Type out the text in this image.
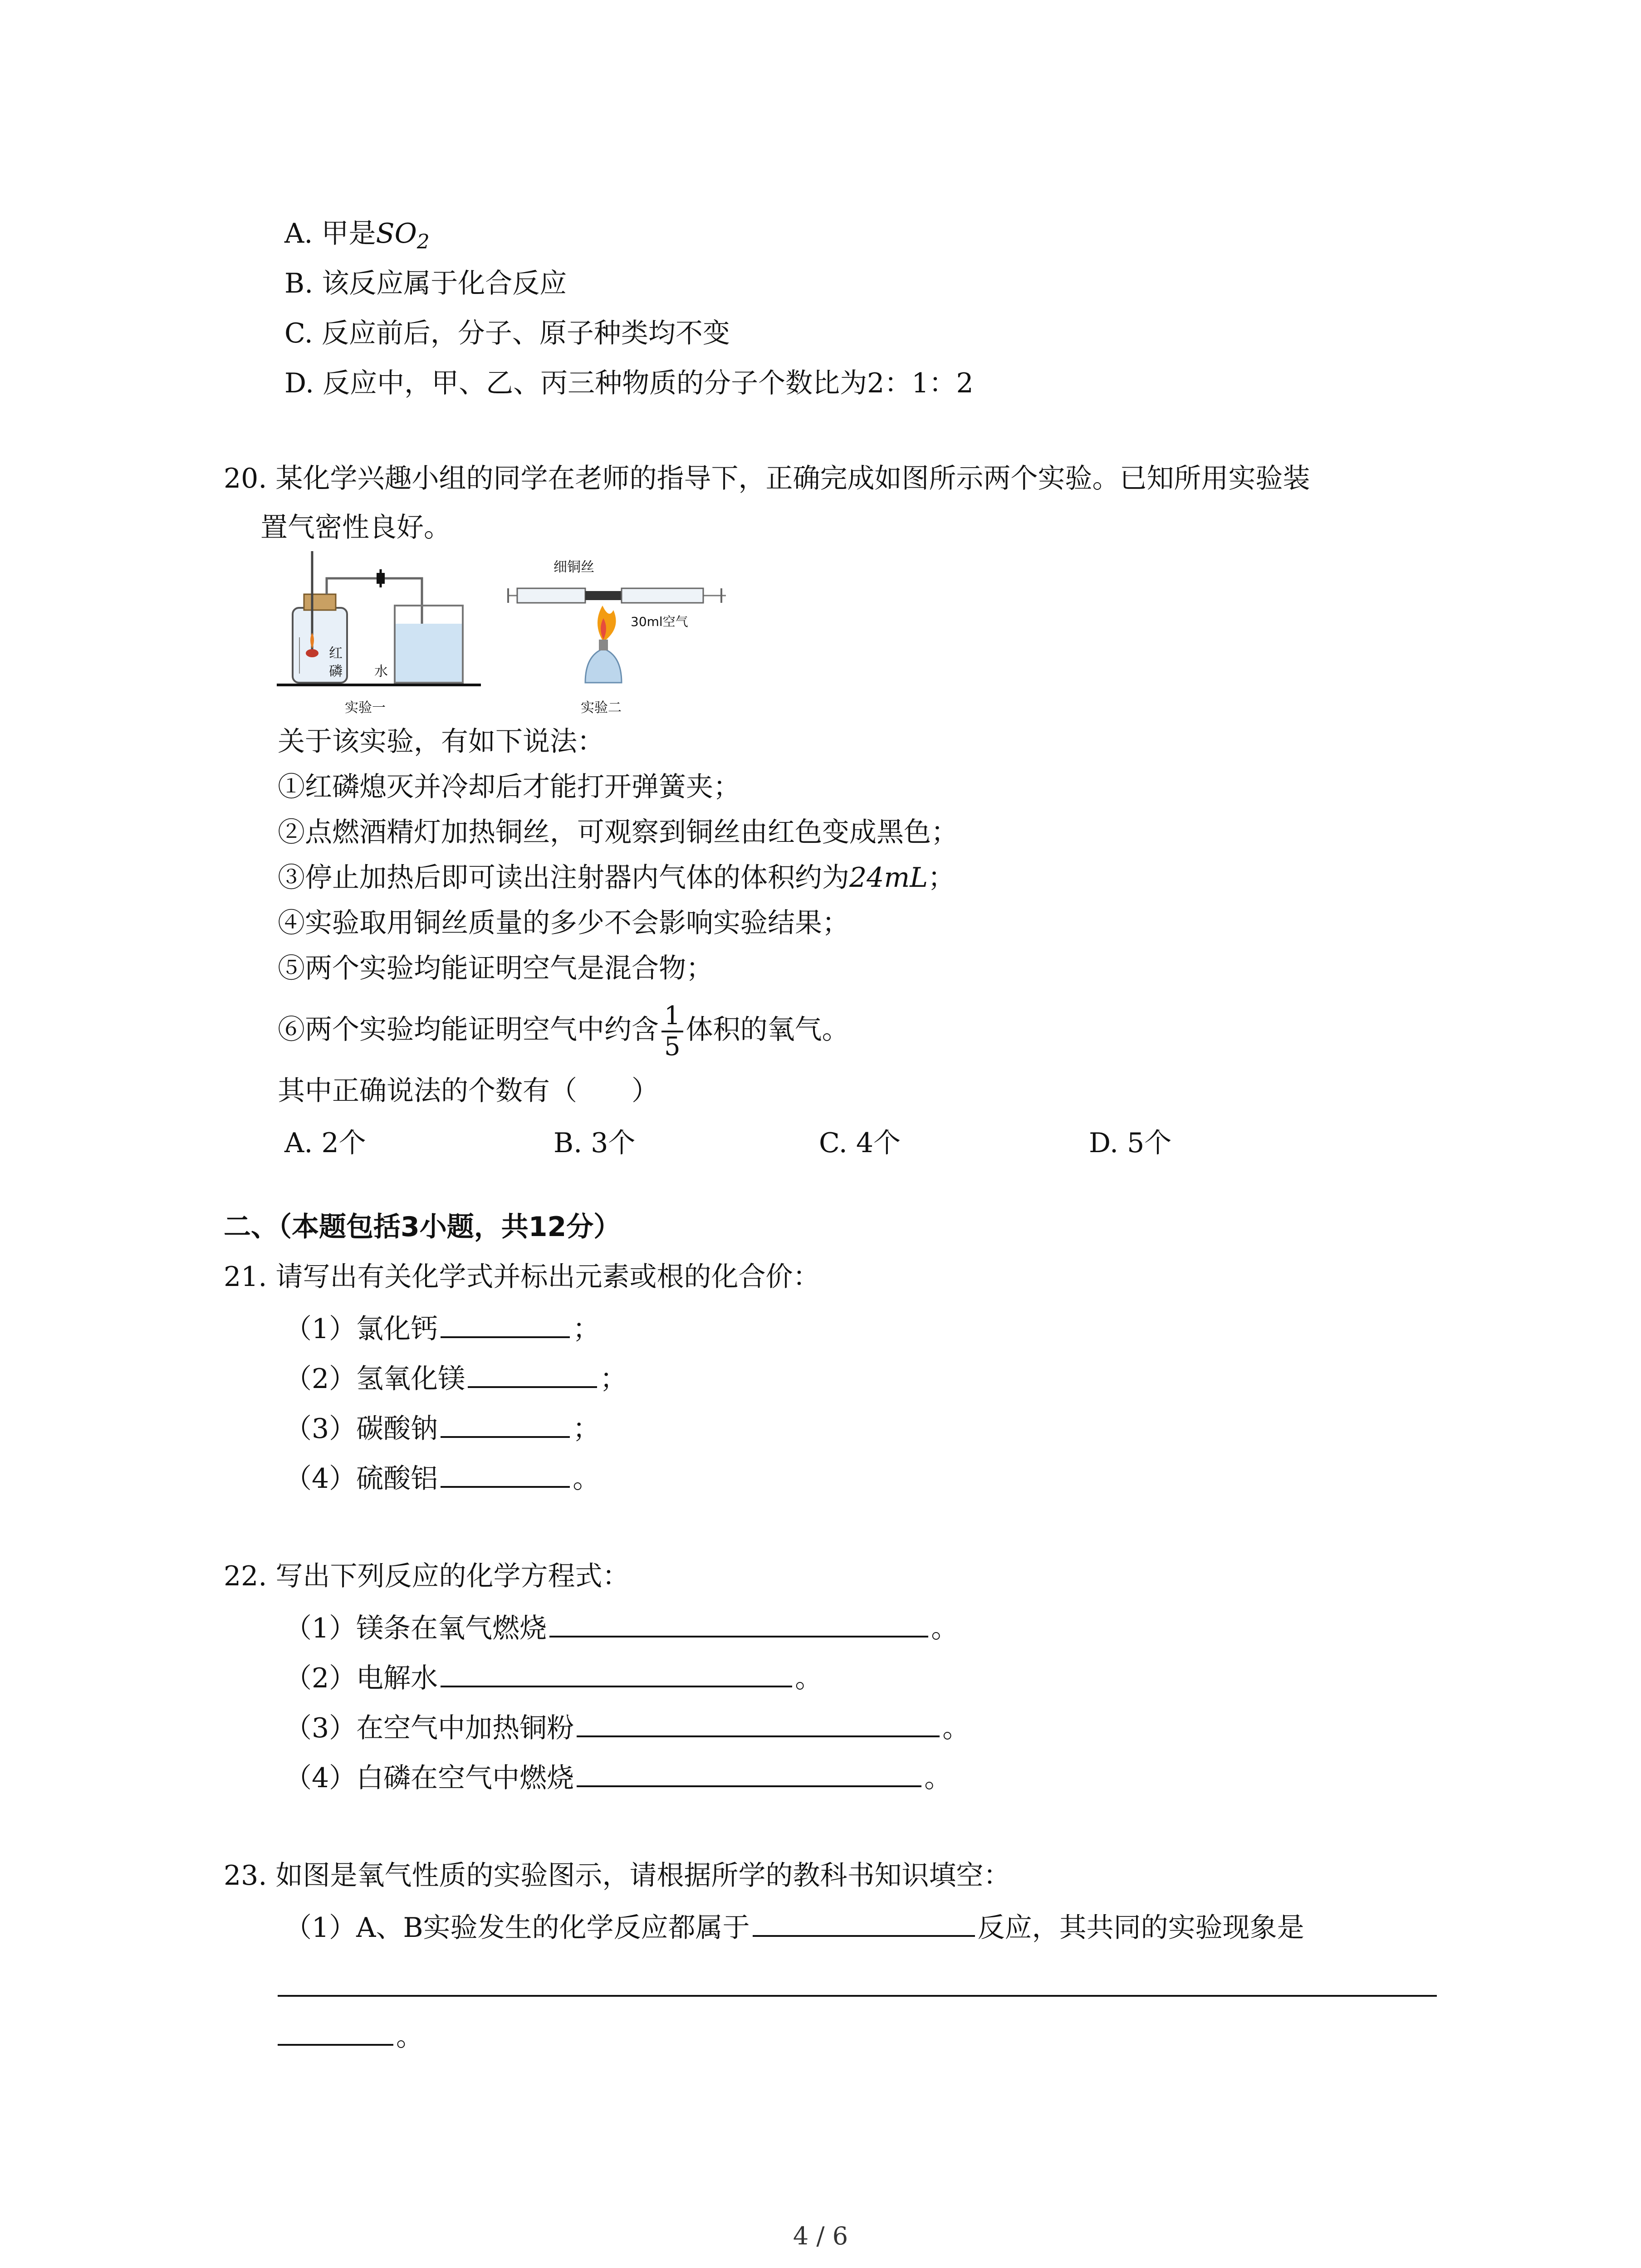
A. 甲是$SO_2$
B. 该反应属于化合反应
C. 反应前后，分子、原子种类均不变
D. 反应中，甲、乙、丙三种物质的分子个数比为2：1：2
20. 某化学兴趣小组的同学在老师的指导下，正确完成如图所示两个实验。已知所用实验装
置气密性良好。
红
磷 水
实验一
细铜丝
30ml空气
实验二
关于该实验，有如下说法：
①红磷熄灭并冷却后才能打开弹簧夹；
②点燃酒精灯加热铜丝，可观察到铜丝由红色变成黑色；
③停止加热后即可读出注射器内气体的体积约为24mL；
④实验取用铜丝质量的多少不会影响实验结果；
⑤两个实验均能证明空气是混合物；
⑥两个实验均能证明空气中约含 $\frac{1}{5}$ 体积的氧气。
其中正确说法的个数有（　　）
A. 2个	B. 3个	C. 4个	D. 5个
二、（本题包括3小题，共12分）
21. 请写出有关化学式并标出元素或根的化合价：
（1）氯化钙	；
（2）氢氧化镁	；
（3）碳酸钠	；
（4）硫酸铝	。
22. 写出下列反应的化学方程式：
（1）镁条在氧气燃烧	。
（2）电解水	。
（3）在空气中加热铜粉	。
（4）白磷在空气中燃烧	。
23. 如图是氧气性质的实验图示，请根据所学的教科书知识填空：
（1）A、B实验发生的化学反应都属于	反应，其共同的实验现象是
。
4 / 6
